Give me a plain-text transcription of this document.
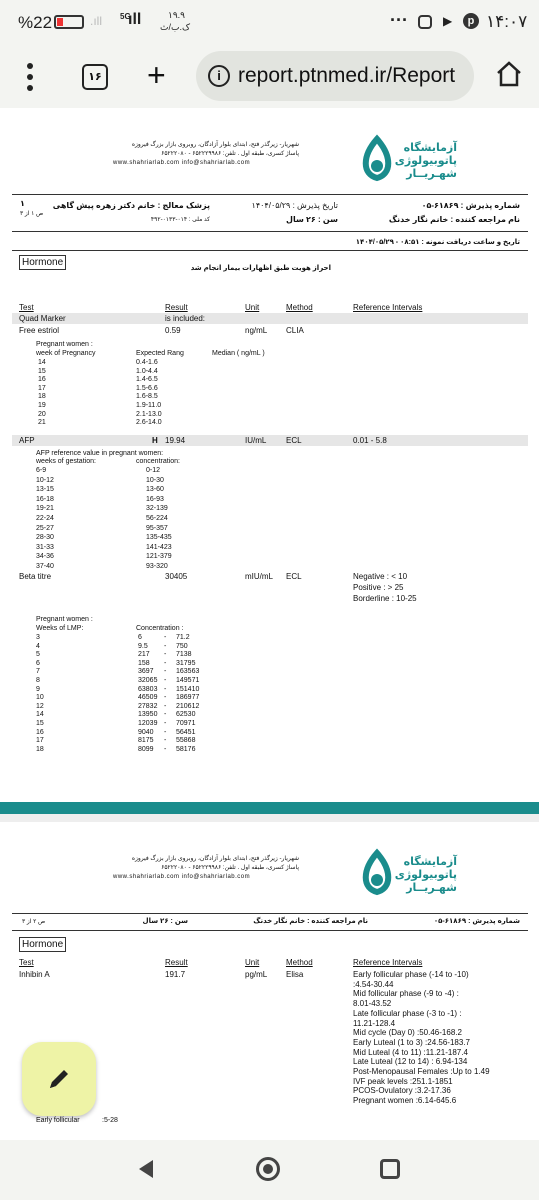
%22	.ıll 5G
ıll	۱۹.۹
ک.ب/ث	···	▶	p ۱۴:۰۷
۱۶ +	i report.ptnmed.ir/Report
شهریار- زیرگذر فتح، ابتدای بلوار آزادگان، روبروی بازار بزرگ فیروزه
پاساژ کسری، طبقه اول . تلفن: ۶۵۲۲۲۹۹۸۶ - ۶۵۲۲۲۰۸۰
www.shahriarlab.com info@shahriarlab.com
آزمایشگاه
پاتوبیولوژی
شهـریــار
شماره پذیرش : ۶۱۸۶۹-۰۵
نام مراجعه کننده : خانم نگار خدنگ
تاریخ پذیرش : ۱۴۰۴/۰۵/۲۹
سن : ۲۶ سال
پزشک معالج : خانم دکتر زهره پیش گاهی
کد ملی : ۰۱۴-۰۱۳۳-۴۹۲
۱
ص ۱ از ۳
تاریخ و ساعت دریافت نمونه : ۰۸:۵۱ - ۱۴۰۴/۰۵/۲۹
احراز هویت طبق اظهارات بیمار انجام شد
Hormone
Test	Result	Unit	Method	Reference Intervals
Quad Marker	is included:
Free estriol	0.59	ng/mL CLIA
Pregnant women :
week of Pregnancy	Expected Rang	Median ( ng/mL )
14	0.4-1.6
15	1.0-4.4
16	1.4-6.5
17	1.5-6.6
18	1.6-8.5
19	1.9-11.0
20	2.1-13.0
21	2.6-14.0
AFP	H 19.94	IU/mL ECL	0.01 - 5.8
AFP reference value in pregnant women:
weeks of gestation:	concentration:
6-9	0-12
10-12	10-30
13-15	13-60
16-18	16-93
19-21	32-139
22-24	56-224
25-27	95-357
28-30	135-435
31-33	141-423
34-36	121-379
37-40	93-320
Beta titre	30405	mIU/mL ECL	Negative : < 10
Positive : > 25
Borderline : 10-25
Pregnant women :
Weeks of LMP:	Concentration :
3	6	- 71.2
4	9.5 - 750
5	217 - 7138
6	158 - 31795
7	3697 - 163563
8	32065 - 149571
9	63803 - 151410
10	46509 - 186977
12	27832 - 210612
14	13950 - 62530
15	12039 - 70971
16	9040 - 56451
17	8175 - 55868
18	8099 - 58176
شهریار- زیرگذر فتح، ابتدای بلوار آزادگان، روبروی بازار بزرگ فیروزه
پاساژ کسری، طبقه اول . تلفن: ۶۵۲۲۲۹۹۸۶ - ۶۵۲۲۲۰۸۰
www.shahriarlab.com info@shahriarlab.com
آزمایشگاه
پاتوبیولوژی
شهـریــار
شماره پذیرش : ۶۱۸۶۹-۰۵
نام مراجعه کننده : خانم نگار خدنگ
سن : ۲۶ سال
ص ۲ از ۳
Hormone
Test	Result	Unit	Method	Reference Intervals
Inhibin A	191.7	pg/mL Elisa	Early follicular phase (-14 to -10)
:4.54-30.44
Mid follicular phase (-9 to -4) :
8.01-43.52
Late follicular phase (-3 to -1) :
11.21-128.4
Mid cycle (Day 0) :50.46-168.2
Early Luteal (1 to 3) :24.56-183.7
Mid Luteal (4 to 11) :11.21-187.4
Late Luteal (12 to 14) : 6.94-134
Post-Menopausal Females :Up to 1.49
IVF peak levels :251.1-1851
PCOS-Ovulatory :3.2-17.36
Pregnant women :6.14-645.6
Early follicular	:5-28
